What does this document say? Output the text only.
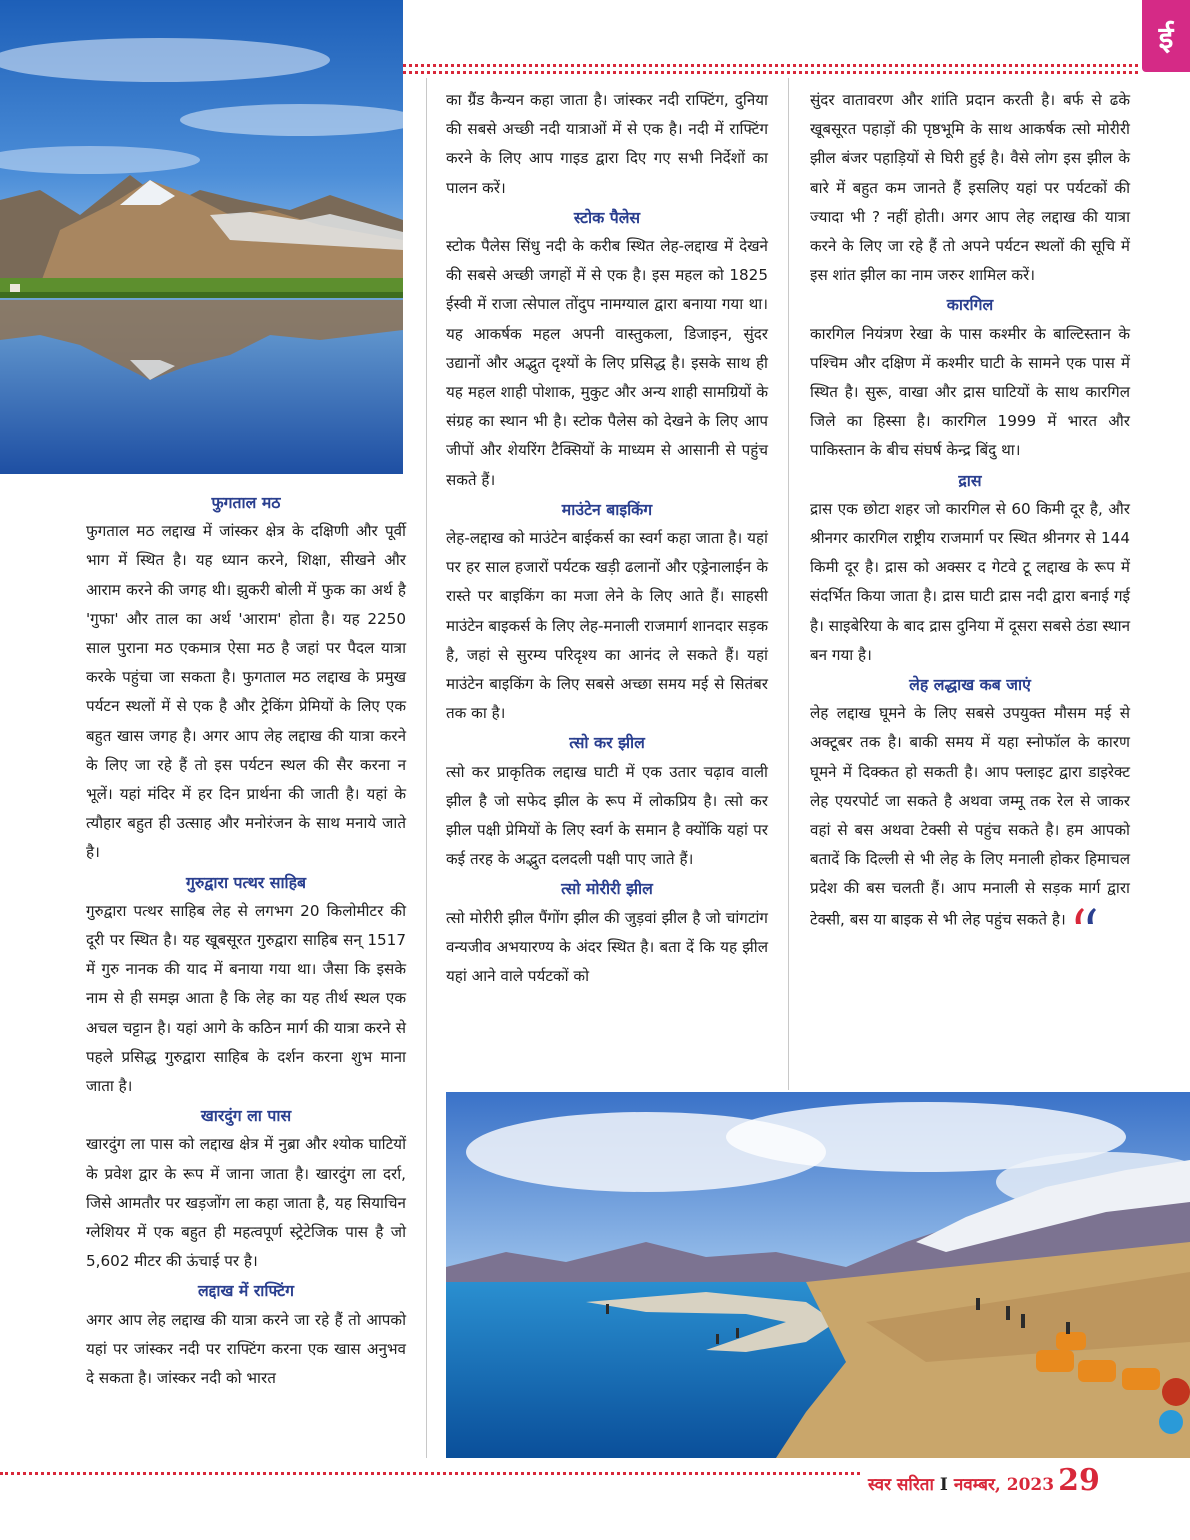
ई
फुगताल मठ

फुगताल मठ लद्दाख में जांस्कर क्षेत्र के दक्षिणी और पूर्वी भाग में स्थित है। यह ध्यान करने, शिक्षा, सीखने और आराम करने की जगह थी। झुकरी बोली में फुक का अर्थ है 'गुफा' और ताल का अर्थ 'आराम' होता है। यह 2250 साल पुराना मठ एकमात्र ऐसा मठ है जहां पर पैदल यात्रा करके पहुंचा जा सकता है। फुगताल मठ लद्दाख के प्रमुख पर्यटन स्थलों में से एक है और ट्रेकिंग प्रेमियों के लिए एक बहुत खास जगह है। अगर आप लेह लद्दाख की यात्रा करने के लिए जा रहे हैं तो इस पर्यटन स्थल की सैर करना न भूलें। यहां मंदिर में हर दिन प्रार्थना की जाती है। यहां के त्यौहार बहुत ही उत्साह और मनोरंजन के साथ मनाये जाते है।

गुरुद्वारा पत्थर साहिब

गुरुद्वारा पत्थर साहिब लेह से लगभग 20 किलोमीटर की दूरी पर स्थित है। यह खूबसूरत गुरुद्वारा साहिब सन् 1517 में गुरु नानक की याद में बनाया गया था। जैसा कि इसके नाम से ही समझ आता है कि लेह का यह तीर्थ स्थल एक अचल चट्टान है। यहां आगे के कठिन मार्ग की यात्रा करने से पहले प्रसिद्ध गुरुद्वारा साहिब के दर्शन करना शुभ माना जाता है।

खारदुंग ला पास

खारदुंग ला पास को लद्दाख क्षेत्र में नुब्रा और श्योक घाटियों के प्रवेश द्वार के रूप में जाना जाता है। खारदुंग ला दर्रा, जिसे आमतौर पर खड़जोंग ला कहा जाता है, यह सियाचिन ग्लेशियर में एक बहुत ही महत्वपूर्ण स्ट्रेटेजिक पास है जो 5,602 मीटर की ऊंचाई पर है।

लद्दाख में राफ्टिंग

अगर आप लेह लद्दाख की यात्रा करने जा रहे हैं तो आपको यहां पर जांस्कर नदी पर राफ्टिंग करना एक खास अनुभव दे सकता है। जांस्कर नदी को भारत

का ग्रैंड कैन्यन कहा जाता है। जांस्कर नदी राफ्टिंग, दुनिया की सबसे अच्छी नदी यात्राओं में से एक है। नदी में राफ्टिंग करने के लिए आप गाइड द्वारा दिए गए सभी निर्देशों का पालन करें।

स्टोक पैलेस

स्टोक पैलेस सिंधु नदी के करीब स्थित लेह-लद्दाख में देखने की सबसे अच्छी जगहों में से एक है। इस महल को 1825 ईस्वी में राजा त्सेपाल तोंदुप नामग्याल द्वारा बनाया गया था। यह आकर्षक महल अपनी वास्तुकला, डिजाइन, सुंदर उद्यानों और अद्भुत दृश्यों के लिए प्रसिद्ध है। इसके साथ ही यह महल शाही पोशाक, मुकुट और अन्य शाही सामग्रियों के संग्रह का स्थान भी है। स्टोक पैलेस को देखने के लिए आप जीपों और शेयरिंग टैक्सियों के माध्यम से आसानी से पहुंच सकते हैं।

माउंटेन बाइकिंग

लेह-लद्दाख को माउंटेन बाईकर्स का स्वर्ग कहा जाता है। यहां पर हर साल हजारों पर्यटक खड़ी ढलानों और एड्रेनालाईन के रास्ते पर बाइकिंग का मजा लेने के लिए आते हैं। साहसी माउंटेन बाइकर्स के लिए लेह-मनाली राजमार्ग शानदार सड़क है, जहां से सुरम्य परिदृश्य का आनंद ले सकते हैं। यहां माउंटेन बाइकिंग के लिए सबसे अच्छा समय मई से सितंबर तक का है।

त्सो कर झील

त्सो कर प्राकृतिक लद्दाख घाटी में एक उतार चढ़ाव वाली झील है जो सफेद झील के रूप में लोकप्रिय है। त्सो कर झील पक्षी प्रेमियों के लिए स्वर्ग के समान है क्योंकि यहां पर कई तरह के अद्भुत दलदली पक्षी पाए जाते हैं।

त्सो मोरीरी झील

त्सो मोरीरी झील पैंगोंग झील की जुड़वां झील है जो चांगटांग वन्यजीव अभयारण्य के अंदर स्थित है। बता दें कि यह झील यहां आने वाले पर्यटकों को

सुंदर वातावरण और शांति प्रदान करती है। बर्फ से ढके खूबसूरत पहाड़ों की पृष्ठभूमि के साथ आकर्षक त्सो मोरीरी झील बंजर पहाड़ियों से घिरी हुई है। वैसे लोग इस झील के बारे में बहुत कम जानते हैं इसलिए यहां पर पर्यटकों की ज्यादा भी ? नहीं होती। अगर आप लेह लद्दाख की यात्रा करने के लिए जा रहे हैं तो अपने पर्यटन स्थलों की सूचि में इस शांत झील का नाम जरुर शामिल करें।

कारगिल

कारगिल नियंत्रण रेखा के पास कश्मीर के बाल्टिस्तान के पश्चिम और दक्षिण में कश्मीर घाटी के सामने एक पास में स्थित है। सुरू, वाखा और द्रास घाटियों के साथ कारगिल जिले का हिस्सा है। कारगिल 1999 में भारत और पाकिस्तान के बीच संघर्ष केन्द्र बिंदु था।

द्रास

द्रास एक छोटा शहर जो कारगिल से 60 किमी दूर है, और श्रीनगर कारगिल राष्ट्रीय राजमार्ग पर स्थित श्रीनगर से 144 किमी दूर है। द्रास को अक्सर द गेटवे टू लद्दाख के रूप में संदर्भित किया जाता है। द्रास घाटी द्रास नदी द्वारा बनाई गई है। साइबेरिया के बाद द्रास दुनिया में दूसरा सबसे ठंडा स्थान बन गया है।

लेह लद्धाख कब जाएं

लेह लद्दाख घूमने के लिए सबसे उपयुक्त मौसम मई से अक्टूबर तक है। बाकी समय में यहा स्नोफॉल के कारण घूमने में दिक्कत हो सकती है। आप फ्लाइट द्वारा डाइरेक्ट लेह एयरपोर्ट जा सकते है अथवा जम्मू तक रेल से जाकर वहां से बस अथवा टेक्सी से पहुंच सकते है। हम आपको बतादें कि दिल्ली से भी लेह के लिए मनाली होकर हिमाचल प्रदेश की बस चलती हैं। आप मनाली से सड़क मार्ग द्वारा टेक्सी, बस या बाइक से भी लेह पहुंच सकते है।

स्वर सरिता I नवम्बर, 2023 29
